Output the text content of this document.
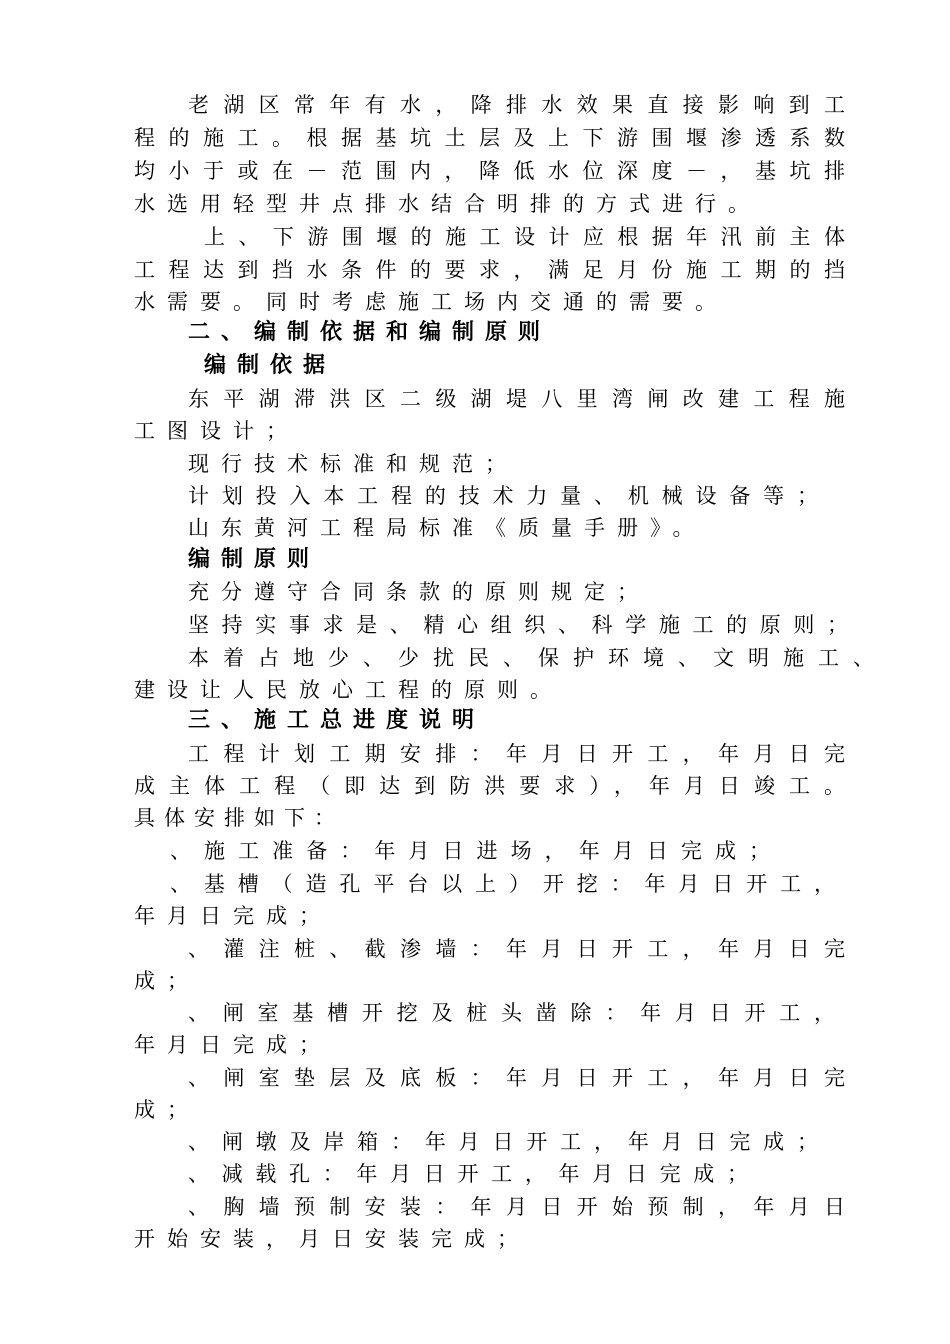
老湖区常年有水，降排水效果直接影响到工
程的施工。根据基坑土层及上下游围堰渗透系数
均小于或在－范围内，降低水位深度－，基坑排
水选用轻型井点排水结合明排的方式进行。
上、下游围堰的施工设计应根据年汛前主体
工程达到挡水条件的要求，满足月份施工期的挡
水需要。同时考虑施工场内交通的需要。
二、编制依据和编制原则
编制依据
东平湖滞洪区二级湖堤八里湾闸改建工程施
工图设计；
现行技术标准和规范；
计划投入本工程的技术力量、机械设备等；
山东黄河工程局标准《质量手册》。
编制原则
充分遵守合同条款的原则规定；
坚持实事求是、精心组织、科学施工的原则；
本着占地少、少扰民、保护环境、文明施工、
建设让人民放心工程的原则。
三、施工总进度说明
工程计划工期安排：年月日开工，年月日完
成主体工程（即达到防洪要求），年月日竣工。
具体安排如下：
、施工准备：年月日进场，年月日完成；
、基槽（造孔平台以上）开挖：年月日开工，
年月日完成；
、灌注桩、截渗墙：年月日开工，年月日完
成；
、闸室基槽开挖及桩头凿除：年月日开工，
年月日完成；
、闸室垫层及底板：年月日开工，年月日完
成；
、闸墩及岸箱：年月日开工，年月日完成；
、减载孔：年月日开工，年月日完成；
、胸墙预制安装：年月日开始预制，年月日
开始安装，月日安装完成；
